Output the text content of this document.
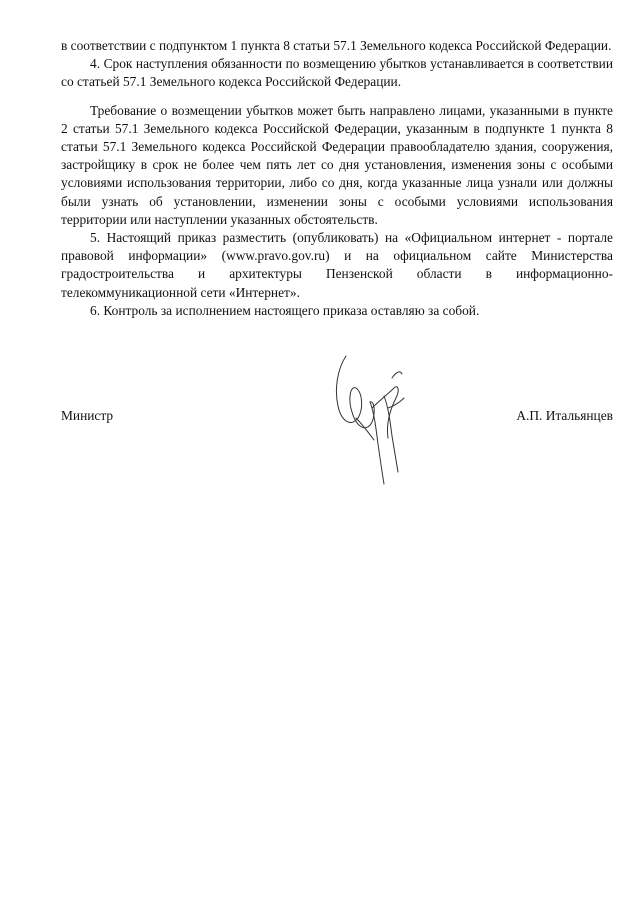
в соответствии с подпунктом 1 пункта 8 статьи 57.1 Земельного кодекса Российской Федерации.

4. Срок наступления обязанности по возмещению убытков устанавливается в соответствии со статьей 57.1 Земельного кодекса Российской Федерации.

Требование о возмещении убытков может быть направлено лицами, указанными в пункте 2 статьи 57.1 Земельного кодекса Российской Федерации, указанным в подпункте 1 пункта 8 статьи 57.1 Земельного кодекса Российской Федерации правообладателю здания, сооружения, застройщику в срок не более чем пять лет со дня установления, изменения зоны с особыми условиями использования территории, либо со дня, когда указанные лица узнали или должны были узнать об установлении, изменении зоны с особыми условиями использования территории или наступлении указанных обстоятельств.

5. Настоящий приказ разместить (опубликовать) на «Официальном интернет - портале правовой информации» (www.pravo.gov.ru) и на официальном сайте Министерства градостроительства и архитектуры Пензенской области в информационно-телекоммуникационной сети «Интернет».

6. Контроль за исполнением настоящего приказа оставляю за собой.

Министр	А.П. Итальянцев
